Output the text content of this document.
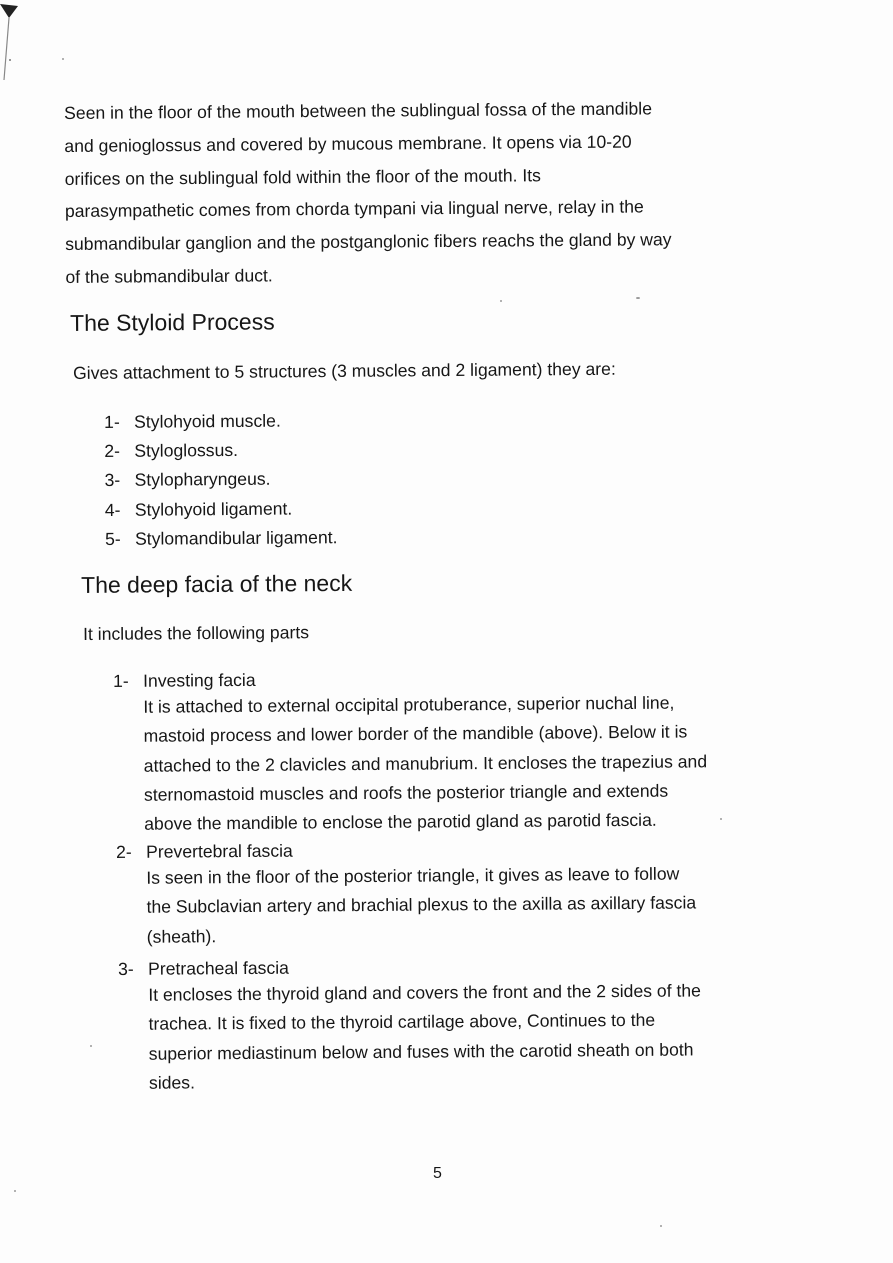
Seen in the floor of the mouth between the sublingual fossa of the mandible
and genioglossus and covered by mucous membrane. It opens via 10-20
orifices on the sublingual fold within the floor of the mouth. Its
parasympathetic comes from chorda tympani via lingual nerve, relay in the
submandibular ganglion and the postganglonic fibers reachs the gland by way
of the submandibular duct.
The Styloid Process
Gives attachment to 5 structures (3 muscles and 2 ligament) they are:
1- Stylohyoid muscle.
2- Styloglossus.
3- Stylopharyngeus.
4- Stylohyoid ligament.
5- Stylomandibular ligament.
The deep facia of the neck
It includes the following parts
1- Investing facia
It is attached to external occipital protuberance, superior nuchal line,
mastoid process and lower border of the mandible (above). Below it is
attached to the 2 clavicles and manubrium. It encloses the trapezius and
sternomastoid muscles and roofs the posterior triangle and extends
above the mandible to enclose the parotid gland as parotid fascia.
2- Prevertebral fascia
Is seen in the floor of the posterior triangle, it gives as leave to follow
the Subclavian artery and brachial plexus to the axilla as axillary fascia
(sheath).
3- Pretracheal fascia
It encloses the thyroid gland and covers the front and the 2 sides of the
trachea. It is fixed to the thyroid cartilage above, Continues to the
superior mediastinum below and fuses with the carotid sheath on both
sides.
5
